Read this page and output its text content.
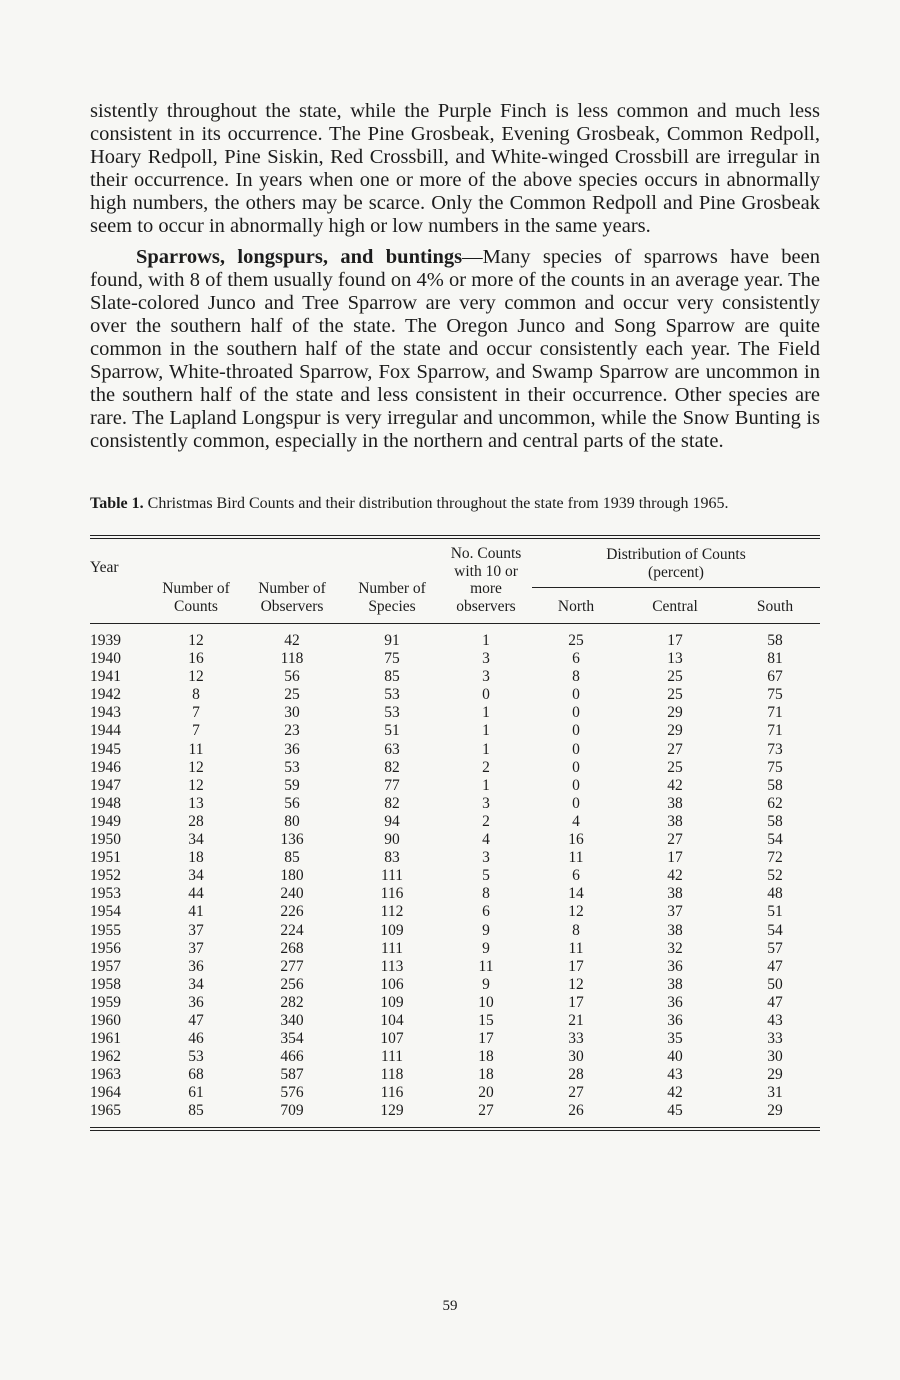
sistently throughout the state, while the Purple Finch is less common and much less consistent in its occurrence. The Pine Grosbeak, Evening Grosbeak, Common Redpoll, Hoary Redpoll, Pine Siskin, Red Crossbill, and White-winged Crossbill are irregular in their occurrence. In years when one or more of the above species occurs in abnormally high numbers, the others may be scarce. Only the Common Redpoll and Pine Grosbeak seem to occur in abnormally high or low numbers in the same years.

Sparrows, longspurs, and buntings—Many species of sparrows have been found, with 8 of them usually found on 4% or more of the counts in an average year. The Slate-colored Junco and Tree Sparrow are very common and occur very consistently over the southern half of the state. The Oregon Junco and Song Sparrow are quite common in the southern half of the state and occur consistently each year. The Field Sparrow, White-throated Sparrow, Fox Sparrow, and Swamp Sparrow are uncommon in the southern half of the state and less consistent in their occurrence. Other species are rare. The Lapland Longspur is very irregular and uncommon, while the Snow Bunting is consistently common, especially in the northern and central parts of the state.

Table 1. Christmas Bird Counts and their distribution throughout the state from 1939 through 1965.
Year	Number of Counts	Number of Observers	Number of Species	No. Counts with 10 or more observers	Distribution of Counts (percent)		
					North	Central	South
1939	12	42	91	1	25	17	58
1940	16	118	75	3	6	13	81
1941	12	56	85	3	8	25	67
1942	8	25	53	0	0	25	75
1943	7	30	53	1	0	29	71
1944	7	23	51	1	0	29	71
1945	11	36	63	1	0	27	73
1946	12	53	82	2	0	25	75
1947	12	59	77	1	0	42	58
1948	13	56	82	3	0	38	62
1949	28	80	94	2	4	38	58
1950	34	136	90	4	16	27	54
1951	18	85	83	3	11	17	72
1952	34	180	111	5	6	42	52
1953	44	240	116	8	14	38	48
1954	41	226	112	6	12	37	51
1955	37	224	109	9	8	38	54
1956	37	268	111	9	11	32	57
1957	36	277	113	11	17	36	47
1958	34	256	106	9	12	38	50
1959	36	282	109	10	17	36	47
1960	47	340	104	15	21	36	43
1961	46	354	107	17	33	35	33
1962	53	466	111	18	30	40	30
1963	68	587	118	18	28	43	29
1964	61	576	116	20	27	42	31
1965	85	709	129	27	26	45	29
59
